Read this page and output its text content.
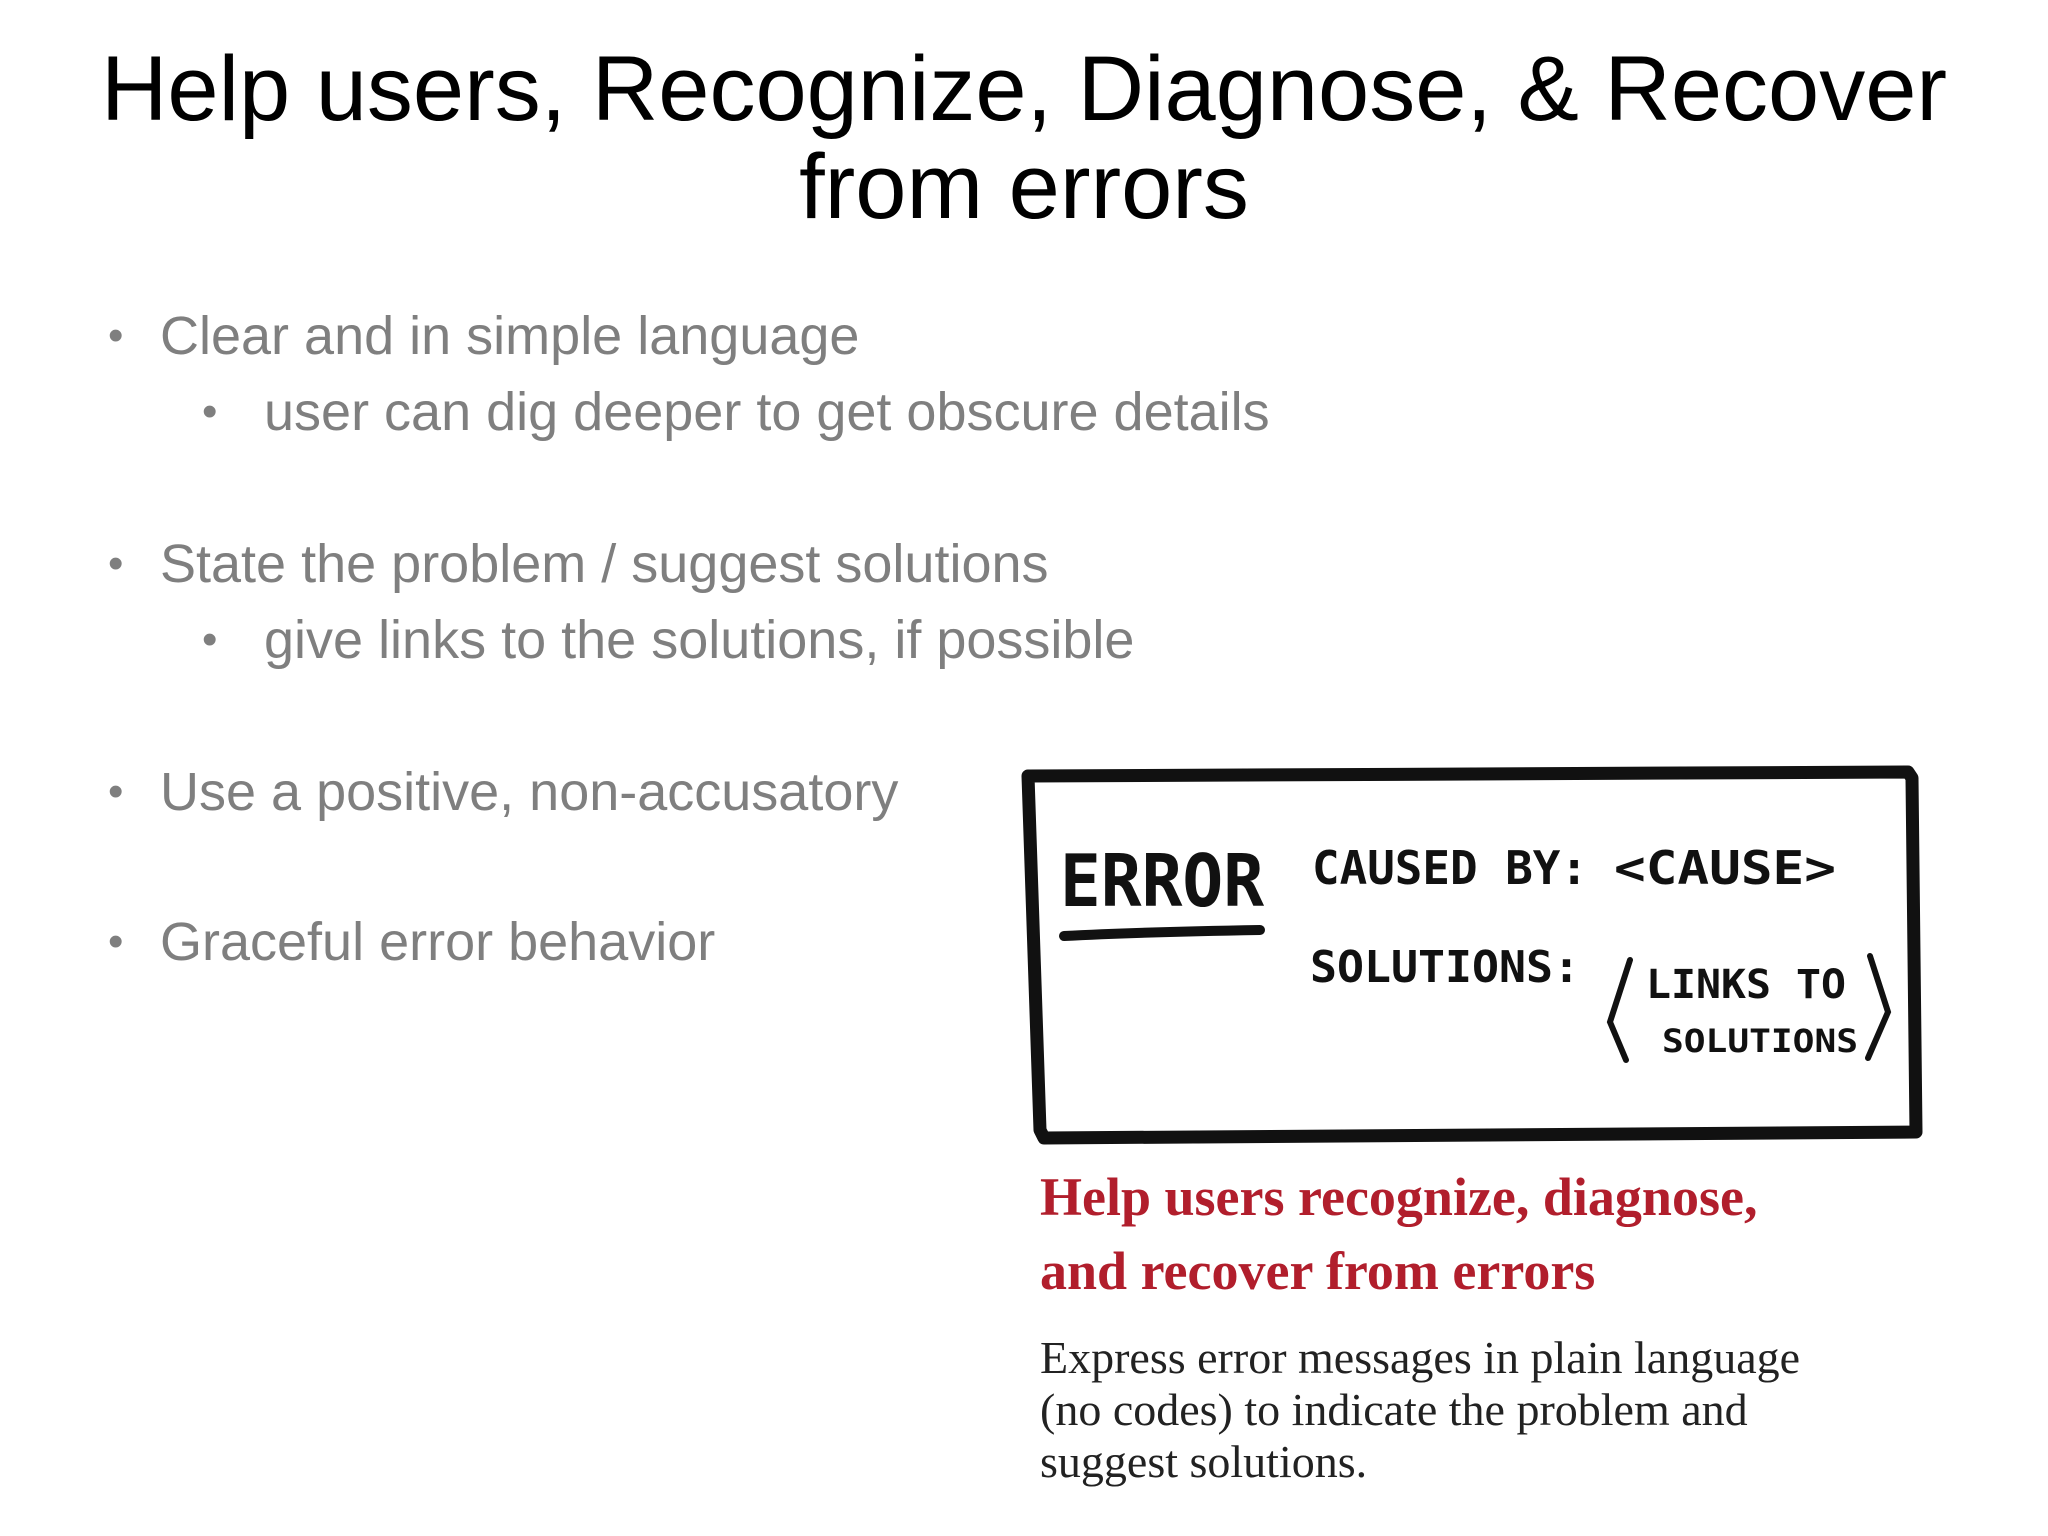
Help users, Recognize, Diagnose, & Recover
from errors
• Clear and in simple language
• user can dig deeper to get obscure details
• State the problem / suggest solutions
• give links to the solutions, if possible
• Use a positive, non-accusatory
• Graceful error behavior
ERROR CAUSED BY: <CAUSE>
SOLUTIONS: LINKS TO
SOLUTIONS
Help users recognize, diagnose,
and recover from errors
Express error messages in plain language
(no codes) to indicate the problem and
suggest solutions.
